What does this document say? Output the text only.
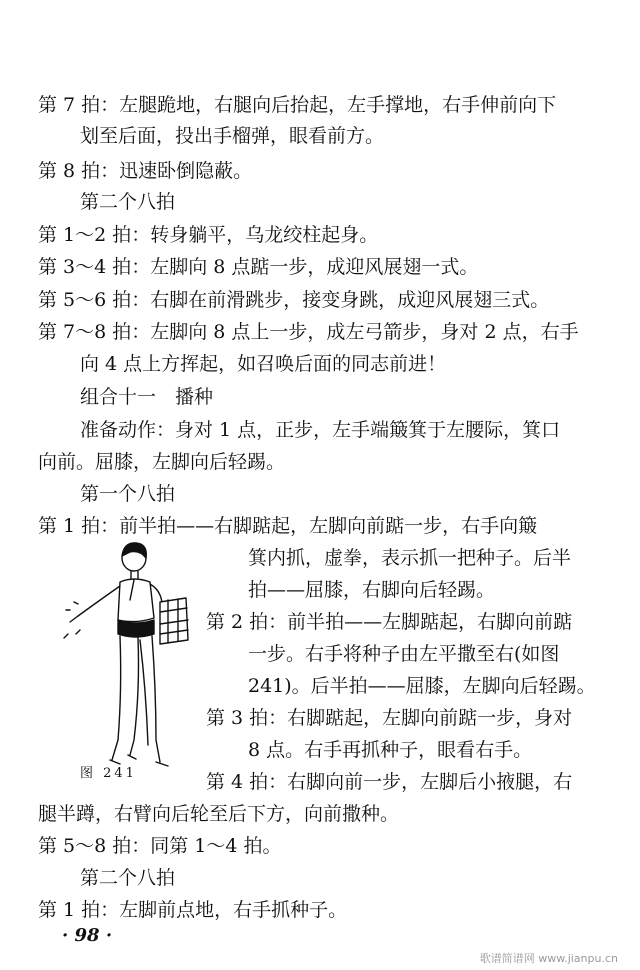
第 7 拍：左腿跪地，右腿向后抬起，左手撑地，右手伸前向下
划至后面，投出手榴弹，眼看前方。
第 8 拍：迅速卧倒隐蔽。
第二个八拍
第 1～2 拍：转身躺平，乌龙绞柱起身。
第 3～4 拍：左脚向 8 点踮一步，成迎风展翅一式。
第 5～6 拍：右脚在前滑跳步，接变身跳，成迎风展翅三式。
第 7～8 拍：左脚向 8 点上一步，成左弓箭步，身对 2 点，右手
向 4 点上方挥起，如召唤后面的同志前进！
组合十一　播种
准备动作：身对 1 点，正步，左手端簸箕于左腰际，箕口
向前。屈膝，左脚向后轻踢。
第一个八拍
第 1 拍：前半拍——右脚踮起，左脚向前踮一步，右手向簸
箕内抓，虚拳，表示抓一把种子。后半
拍——屈膝，右脚向后轻踢。
第 2 拍：前半拍——左脚踮起，右脚向前踮
一步。右手将种子由左平撒至右(如图
241)。后半拍——屈膝，左脚向后轻踢。
第 3 拍：右脚踮起，左脚向前踮一步，身对
8 点。右手再抓种子，眼看右手。
第 4 拍：右脚向前一步，左脚后小掖腿，右
腿半蹲，右臂向后轮至后下方，向前撒种。
第 5～8 拍：同第 1～4 拍。
第二个八拍
第 1 拍：左脚前点地，右手抓种子。
图 241
· 98 ·
歌谱简谱网 www.jianpu.cn
